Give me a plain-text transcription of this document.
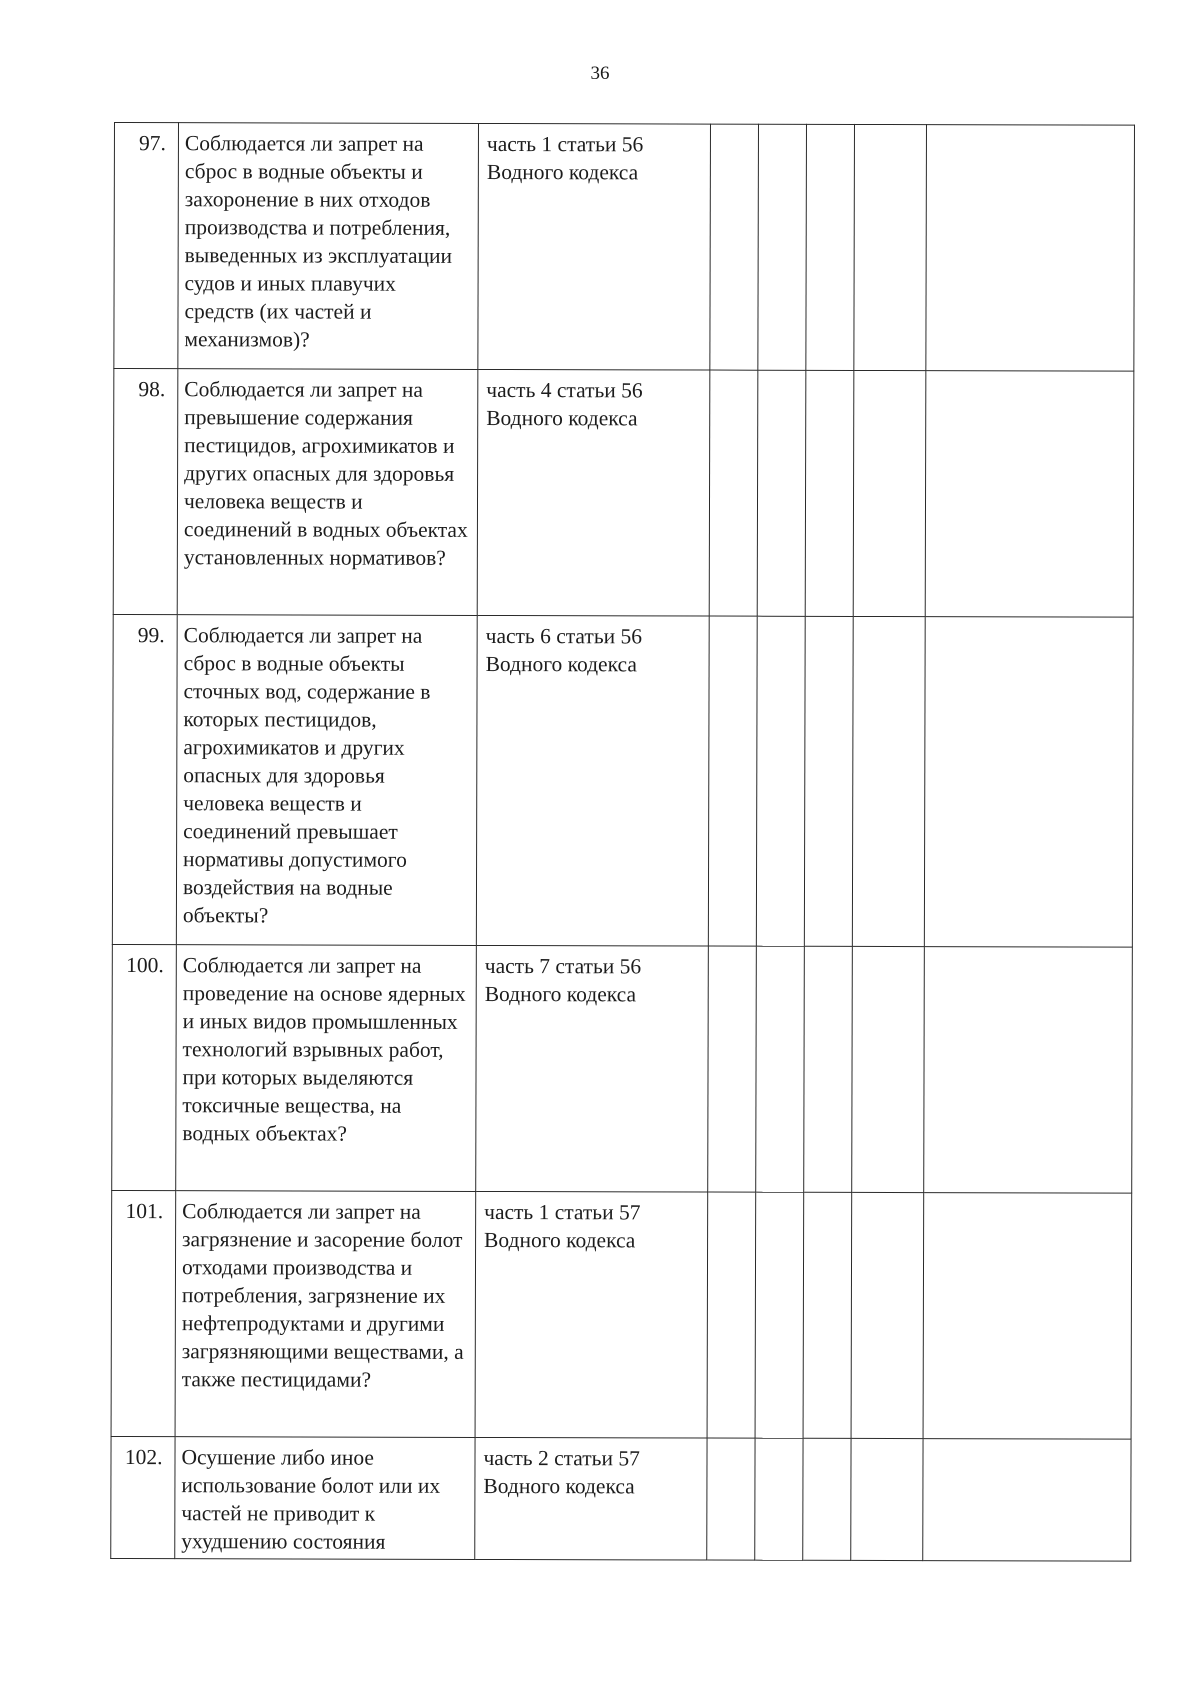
36
97.	Соблюдается ли запрет на сброс в водные объекты и захоронение в них отходов производства и потребления, выведенных из эксплуатации судов и иных плавучих средств (их частей и механизмов)?	часть 1 статьи 56 Водного кодекса					
98.	Соблюдается ли запрет на превышение содержания пестицидов, агрохимикатов и других опасных для здоровья человека веществ и соединений в водных объектах установленных нормативов?	часть 4 статьи 56 Водного кодекса					
99.	Соблюдается ли запрет на сброс в водные объекты сточных вод, содержание в которых пестицидов, агрохимикатов и других опасных для здоровья человека веществ и соединений превышает нормативы допустимого воздействия на водные объекты?	часть 6 статьи 56 Водного кодекса					
100.	Соблюдается ли запрет на проведение на основе ядерных и иных видов промышленных технологий взрывных работ, при которых выделяются токсичные вещества, на водных объектах?	часть 7 статьи 56 Водного кодекса					
101.	Соблюдается ли запрет на загрязнение и засорение болот отходами производства и потребления, загрязнение их нефтепродуктами и другими загрязняющими веществами, а также пестицидами?	часть 1 статьи 57 Водного кодекса					
102.	Осушение либо иное использование болот или их частей не приводит к ухудшению состояния	часть 2 статьи 57 Водного кодекса					
